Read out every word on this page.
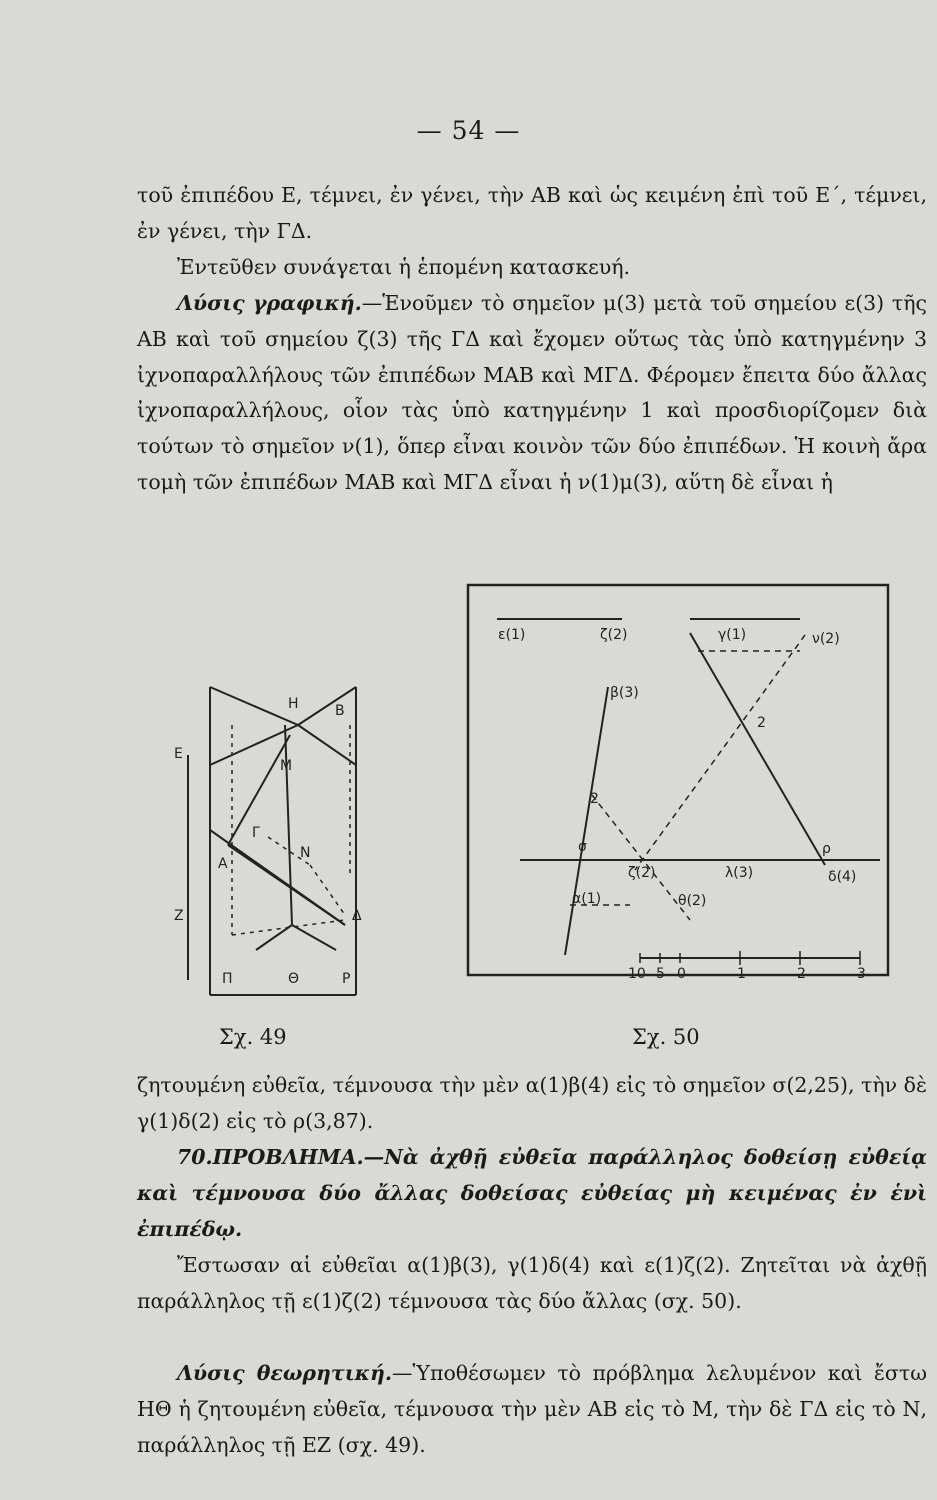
— 54 —

τοῦ ἐπιπέδου Ε, τέμνει, ἐν γένει, τὴν ΑΒ καὶ ὡς κειμένη ἐπὶ τοῦ Ε΄, τέμνει, ἐν γένει, τὴν ΓΔ.

Ἐντεῦθεν συνάγεται ἡ ἑπομένη κατασκευή.

Λύσις γραφική.—Ἑνοῦμεν τὸ σημεῖον μ(3) μετὰ τοῦ σημείου ε(3) τῆς ΑΒ καὶ τοῦ σημείου ζ(3) τῆς ΓΔ καὶ ἔχομεν οὕτως τὰς ὑπὸ κατηγμένην 3 ἰχνοπαραλλήλους τῶν ἐπιπέδων ΜΑΒ καὶ ΜΓΔ. Φέρομεν ἔπειτα δύο ἄλλας ἰχνοπαραλλήλους, οἷον τὰς ὑπὸ κατηγμένην 1 καὶ προσδιορίζομεν διὰ τούτων τὸ σημεῖον ν(1), ὅπερ εἶναι κοινὸν τῶν δύο ἐπιπέδων. Ἡ κοινὴ ἄρα τομὴ τῶν ἐπιπέδων ΜΑΒ καὶ ΜΓΔ εἶναι ἡ ν(1)μ(3), αὕτη δὲ εἶναι ἡ

E
Z
H	B
M
Γ
N
A
Δ
Π	Θ	P
ε(1)	ζ(2)	γ(1)	ν(2)
β(3)
2
2
σ	ρ
ζ(2)	λ(3)	δ(4)
α(1)	θ(2)
10 5 0	1	2	3
Σχ. 49	Σχ. 50

ζητουμένη εὐθεῖα, τέμνουσα τὴν μὲν α(1)β(4) εἰς τὸ σημεῖον σ(2,25), τὴν δὲ γ(1)δ(2) εἰς τὸ ρ(3,87).

70.ΠΡΟΒΛΗΜΑ.—Νὰ ἀχθῇ εὐθεῖα παράλληλος δοθείσῃ εὐθείᾳ καὶ τέμνουσα δύο ἄλλας δοθείσας εὐθείας μὴ κειμένας ἐν ἑνὶ ἐπιπέδῳ.

Ἔστωσαν αἱ εὐθεῖαι α(1)β(3), γ(1)δ(4) καὶ ε(1)ζ(2). Ζητεῖται νὰ ἀχθῇ παράλληλος τῇ ε(1)ζ(2) τέμνουσα τὰς δύο ἄλλας (σχ. 50).

Λύσις θεωρητική.—Ὑποθέσωμεν τὸ πρόβλημα λελυμένον καὶ ἔστω ΗΘ ἡ ζητουμένη εὐθεῖα, τέμνουσα τὴν μὲν ΑΒ εἰς τὸ Μ, τὴν δὲ ΓΔ εἰς τὸ Ν, παράλληλος τῇ ΕΖ (σχ. 49).
